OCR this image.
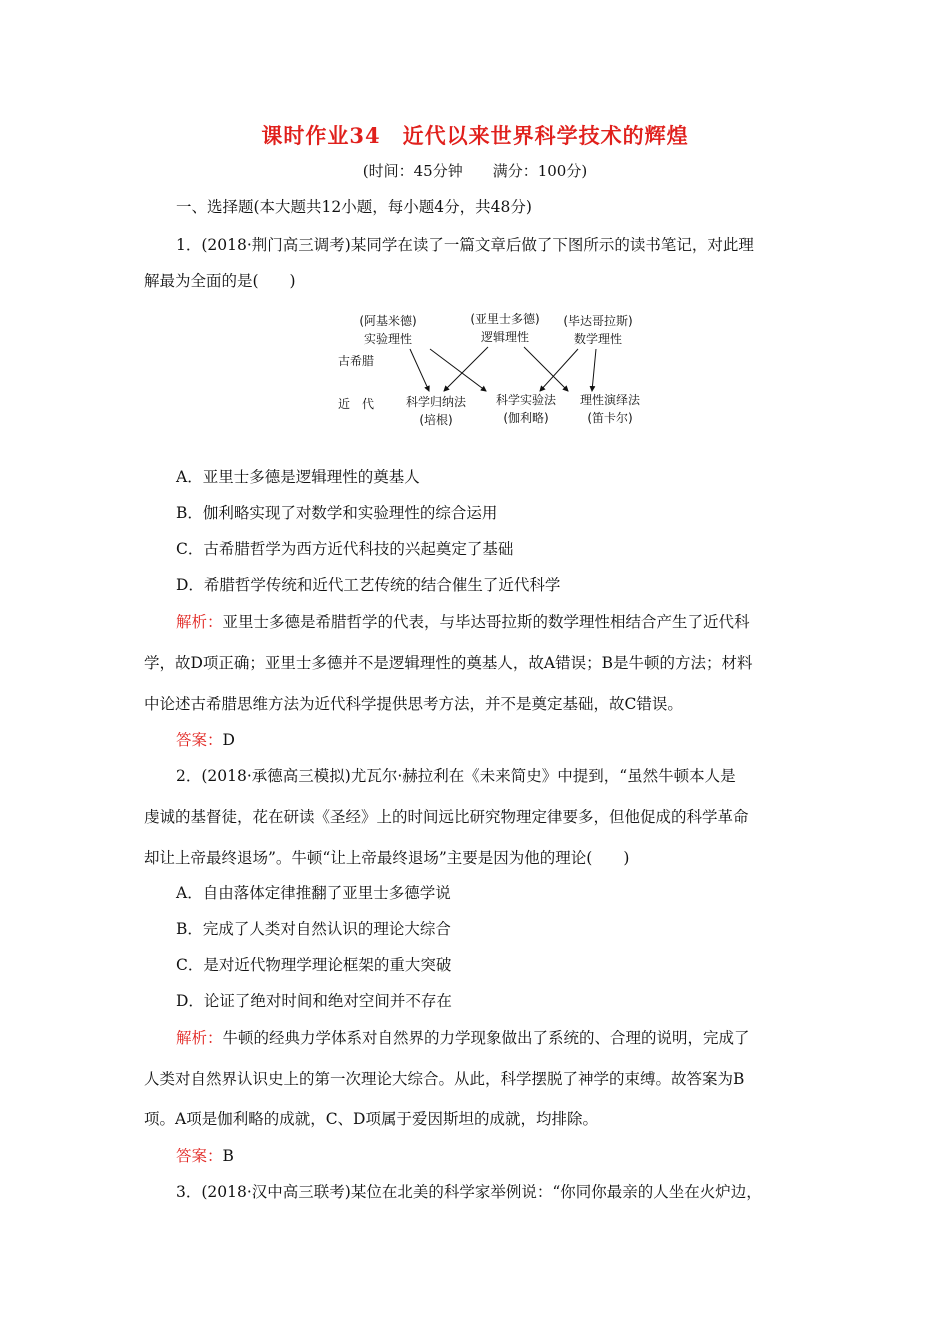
课时作业34　近代以来世界科学技术的辉煌
(时间：45分钟　　满分：100分)
一、选择题(本大题共12小题，每小题4分，共48分)
1．(2018·荆门高三调考)某同学在读了一篇文章后做了下图所示的读书笔记，对此理
解最为全面的是(　　)
(阿基米德)
实验理性
(亚里士多德)
逻辑理性
(毕达哥拉斯)
数学理性
古希腊
近　代	科学归纳法
(培根)
科学实验法
(伽利略)
理性演绎法
(笛卡尔)
A．亚里士多德是逻辑理性的奠基人
B．伽利略实现了对数学和实验理性的综合运用
C．古希腊哲学为西方近代科技的兴起奠定了基础
D．希腊哲学传统和近代工艺传统的结合催生了近代科学
解析：亚里士多德是希腊哲学的代表，与毕达哥拉斯的数学理性相结合产生了近代科
学，故D项正确；亚里士多德并不是逻辑理性的奠基人，故A错误；B是牛顿的方法；材料
中论述古希腊思维方法为近代科学提供思考方法，并不是奠定基础，故C错误。
答案：D
2．(2018·承德高三模拟)尤瓦尔·赫拉利在《未来简史》中提到，“虽然牛顿本人是
虔诚的基督徒，花在研读《圣经》上的时间远比研究物理定律要多，但他促成的科学革命
却让上帝最终退场”。牛顿“让上帝最终退场”主要是因为他的理论(　　)
A．自由落体定律推翻了亚里士多德学说
B．完成了人类对自然认识的理论大综合
C．是对近代物理学理论框架的重大突破
D．论证了绝对时间和绝对空间并不存在
解析：牛顿的经典力学体系对自然界的力学现象做出了系统的、合理的说明，完成了
人类对自然界认识史上的第一次理论大综合。从此，科学摆脱了神学的束缚。故答案为B
项。A项是伽利略的成就，C、D项属于爱因斯坦的成就，均排除。
答案：B
3．(2018·汉中高三联考)某位在北美的科学家举例说：“你同你最亲的人坐在火炉边，
